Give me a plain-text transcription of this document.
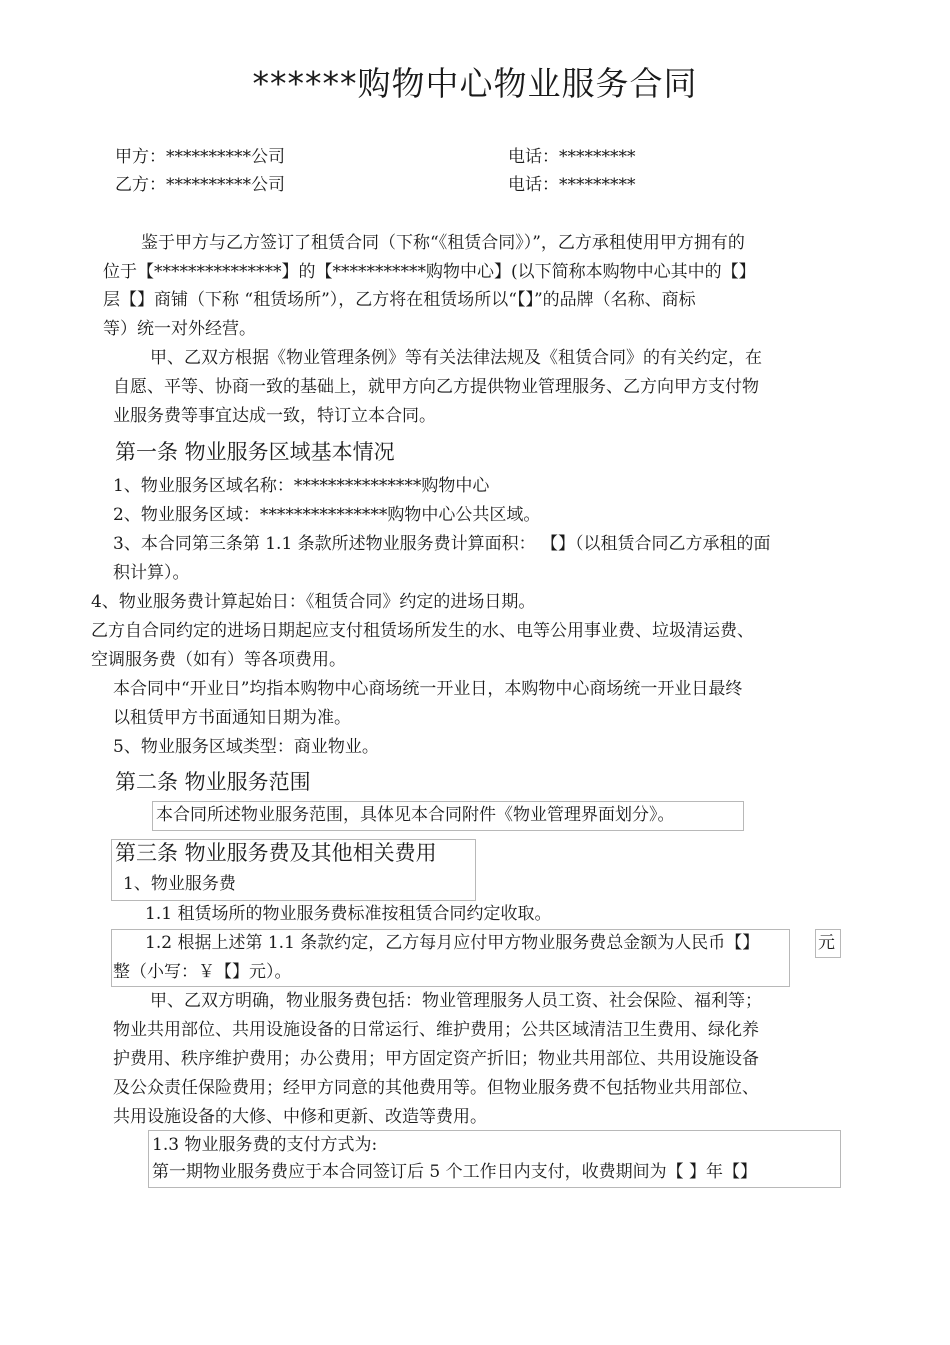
******购物中心物业服务合同
甲方：**********公司	电话：*********
乙方：**********公司	电话：*********
鉴于甲方与乙方签订了租赁合同（下称“《租赁合同》）”，乙方承租使用甲方拥有的
位于【***************】的【***********购物中心】(以下简称本购物中心其中的【】
层【】商铺（下称 “租赁场所”），乙方将在租赁场所以“【】”的品牌（名称、商标
等）统一对外经营。
甲、乙双方根据《物业管理条例》等有关法律法规及《租赁合同》的有关约定，在
自愿、平等、协商一致的基础上，就甲方向乙方提供物业管理服务、乙方向甲方支付物
业服务费等事宜达成一致，特订立本合同。
第一条 物业服务区域基本情况
1、物业服务区域名称：***************购物中心
2、物业服务区域：***************购物中心公共区域。
3、本合同第三条第 1.1 条款所述物业服务费计算面积： 【】（以租赁合同乙方承租的面
积计算）。
4、物业服务费计算起始日：《租赁合同》约定的进场日期。
乙方自合同约定的进场日期起应支付租赁场所发生的水、电等公用事业费、垃圾清运费、
空调服务费（如有）等各项费用。
本合同中“开业日”均指本购物中心商场统一开业日，本购物中心商场统一开业日最终
以租赁甲方书面通知日期为准。
5、物业服务区域类型：商业物业。
第二条 物业服务范围
本合同所述物业服务范围，具体见本合同附件《物业管理界面划分》。
第三条 物业服务费及其他相关费用
1、物业服务费
1.1 租赁场所的物业服务费标准按租赁合同约定收取。
1.2 根据上述第 1.1 条款约定，乙方每月应付甲方物业服务费总金额为人民币【】	元
整（小写：￥【】元）。
甲、乙双方明确，物业服务费包括：物业管理服务人员工资、社会保险、福利等；
物业共用部位、共用设施设备的日常运行、维护费用；公共区域清洁卫生费用、绿化养
护费用、秩序维护费用；办公费用；甲方固定资产折旧；物业共用部位、共用设施设备
及公众责任保险费用；经甲方同意的其他费用等。但物业服务费不包括物业共用部位、
共用设施设备的大修、中修和更新、改造等费用。
1.3 物业服务费的支付方式为:
第一期物业服务费应于本合同签订后 5 个工作日内支付，收费期间为【 】年【】
